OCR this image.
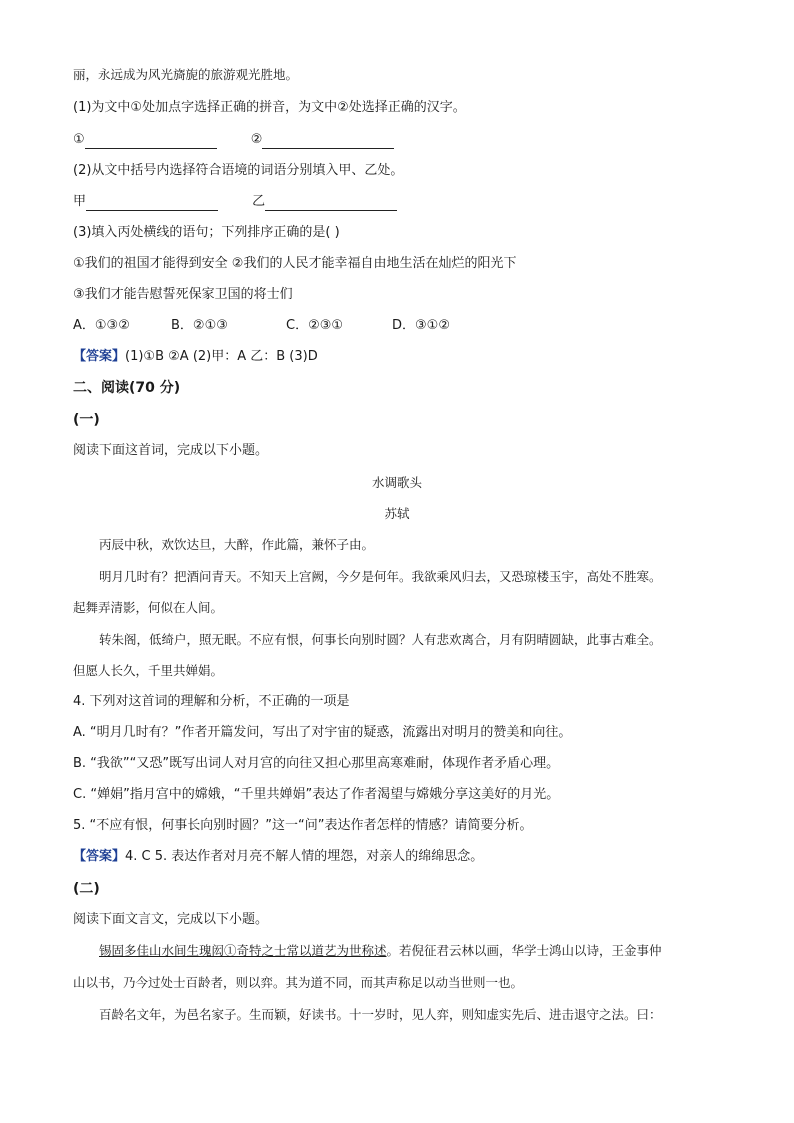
丽，永远成为风光旖旎的旅游观光胜地。
(1)为文中①处加点字选择正确的拼音，为文中②处选择正确的汉字。
①	②
(2)从文中括号内选择符合语境的词语分别填入甲、乙处。
甲	乙
(3)填入丙处横线的语句；下列排序正确的是( )
①我们的祖国才能得到安全 ②我们的人民才能幸福自由地生活在灿烂的阳光下
③我们才能告慰誓死保家卫国的将士们
A．①③②	B．②①③	C．②③①	D．③①②
【答案】(1)①B ②A (2)甲：A 乙：B (3)D
二、阅读(70 分)
(一)
阅读下面这首词，完成以下小题。
水调歌头
苏轼
丙辰中秋，欢饮达旦，大醉，作此篇，兼怀子由。
明月几时有？把酒问青天。不知天上宫阙，今夕是何年。我欲乘风归去，又恐琼楼玉宇，高处不胜寒。
起舞弄清影，何似在人间。
转朱阁，低绮户，照无眠。不应有恨，何事长向别时圆？人有悲欢离合，月有阴晴圆缺，此事古难全。
但愿人长久，千里共婵娟。
4. 下列对这首词的理解和分析，不正确的一项是
A. “明月几时有？”作者开篇发问，写出了对宇宙的疑惑，流露出对明月的赞美和向往。
B. “我欲”“又恐”既写出词人对月宫的向往又担心那里高寒难耐，体现作者矛盾心理。
C. “婵娟”指月宫中的嫦娥，“千里共婵娟”表达了作者渴望与嫦娥分享这美好的月光。
5. “不应有恨，何事长向别时圆？”这一“问”表达作者怎样的情感？请简要分析。
【答案】4. C 5. 表达作者对月亮不解人情的埋怨，对亲人的绵绵思念。
(二)
阅读下面文言文，完成以下小题。
锡固多佳山水间生瑰闳①奇特之士常以道艺为世称述。若倪征君云林以画，华学士鸿山以诗，王金事仲
山以书，乃今过处士百龄者，则以弈。其为道不同，而其声称足以动当世则一也。
百龄名文年，为邑名家子。生而颖，好读书。十一岁时，见人弈，则知虚实先后、进击退守之法。曰：
